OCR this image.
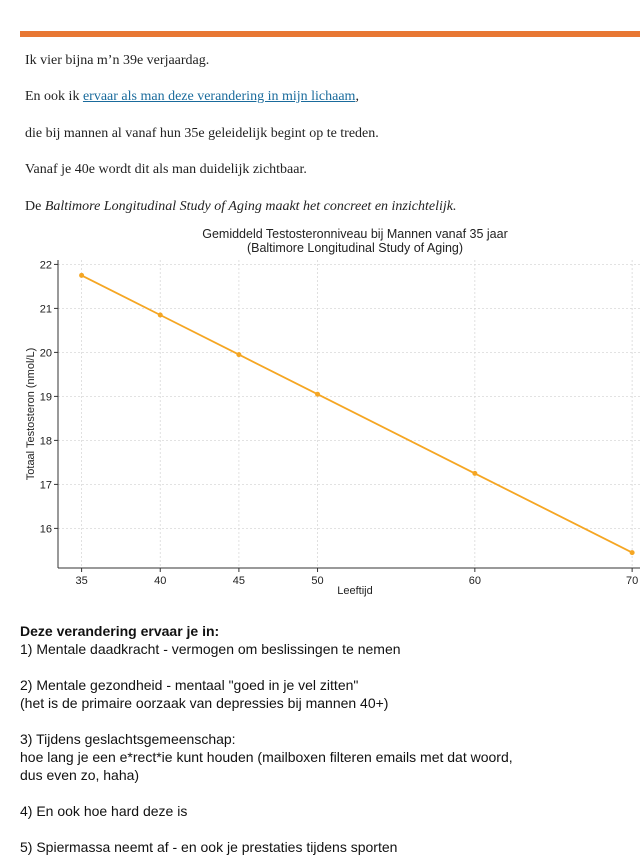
Ik vier bijna m’n 39e verjaardag.
En ook ik ervaar als man deze verandering in mijn lichaam,
die bij mannen al vanaf hun 35e geleidelijk begint op te treden.
Vanaf je 40e wordt dit als man duidelijk zichtbaar.
De Baltimore Longitudinal Study of Aging maakt het concreet en inzichtelijk.
16
17
18
19
20
21
22
35	40	45	50	60	70
Gemiddeld Testosteronniveau bij Mannen vanaf 35 jaar
(Baltimore Longitudinal Study of Aging)
Leeftijd
Totaal Testosteron (nmol/L)
Deze verandering ervaar je in:
1) Mentale daadkracht - vermogen om beslissingen te nemen
2) Mentale gezondheid - mentaal "goed in je vel zitten"
(het is de primaire oorzaak van depressies bij mannen 40+)
3) Tijdens geslachtsgemeenschap:
hoe lang je een e*rect*ie kunt houden (mailboxen filteren emails met dat woord,
dus even zo, haha)
4) En ook hoe hard deze is
5) Spiermassa neemt af - en ook je prestaties tijdens sporten
